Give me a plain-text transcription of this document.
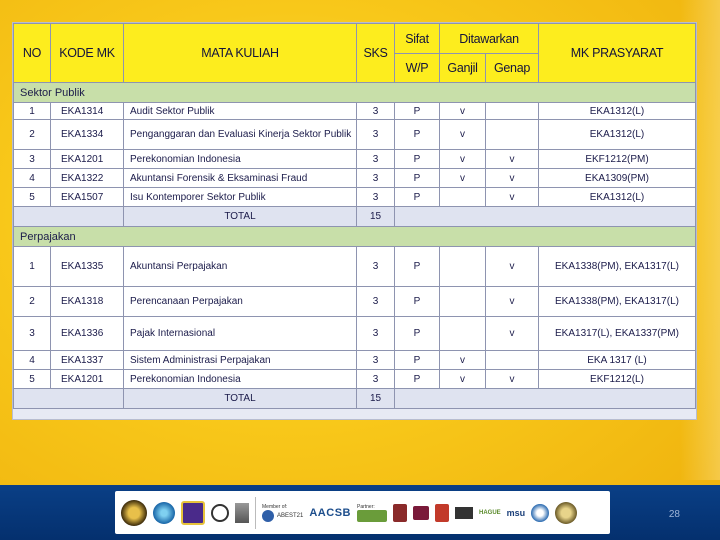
NO	KODE MK	MATA KULIAH	SKS	Sifat	Ditawarkan		MK PRASYARAT
				W/P	Ganjil	Genap	
Sektor Publik							
1	EKA1314	Audit Sektor Publik	3	P	v		EKA1312(L)
2	EKA1334	Penganggaran dan Evaluasi Kinerja Sektor Publik	3	P	v		EKA1312(L)
3	EKA1201	Perekonomian Indonesia	3	P	v	v	EKF1212(PM)
4	EKA1322	Akuntansi Forensik & Eksaminasi Fraud	3	P	v	v	EKA1309(PM)
5	EKA1507	Isu Kontemporer Sektor Publik	3	P		v	EKA1312(L)
		TOTAL	15				
Perpajakan							
1	EKA1335	Akuntansi Perpajakan	3	P		v	EKA1338(PM), EKA1317(L)
2	EKA1318	Perencanaan Perpajakan	3	P		v	EKA1338(PM), EKA1317(L)
3	EKA1336	Pajak Internasional	3	P		v	EKA1317(L), EKA1337(PM)
4	EKA1337	Sistem Administrasi Perpajakan	3	P	v		EKA 1317 (L)
5	EKA1201	Perekonomian Indonesia	3	P	v	v	EKF1212(L)
		TOTAL	15				
Member of:
ABEST21 AACSB Partner:
HAGUE msu	28
